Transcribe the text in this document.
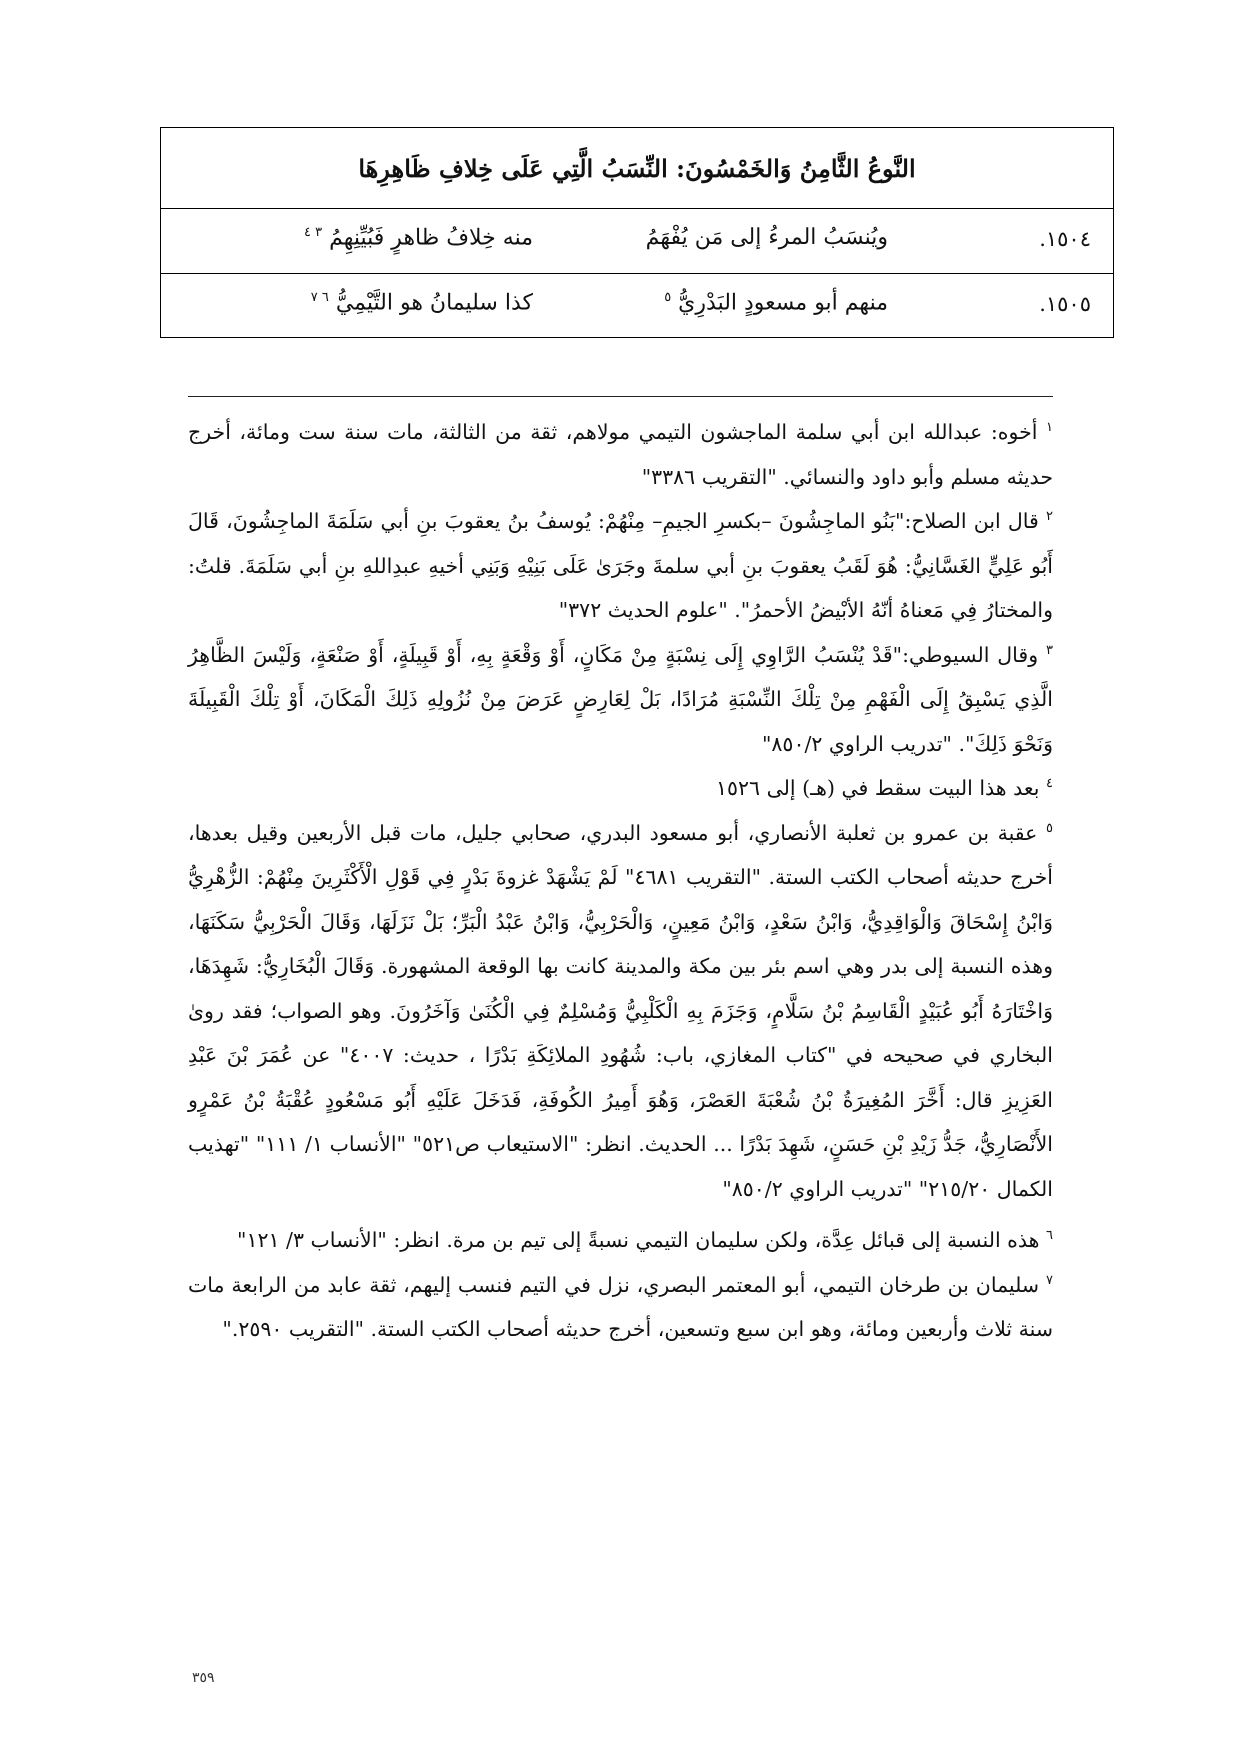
النَّوعُ الثَّامِنُ وَالخَمْسُونَ: النِّسَبُ الَّتِي عَلَى خِلافِ ظَاهِرِهَا
١٥٠٤.
ويُنسَبُ المرءُ إلى مَن يُفْهَمُ
منه خِلافُ ظاهرٍ فَبُيِّنِهِمُ $^{٣ ٤}$
١٥٠٥.
منهم أبو مسعودٍ البَدْرِيُّ $^٥$
كذا سليمانُ هو التَّيْمِيُّ $^{٦ ٧}$

$^١$ أخوه: عبدالله ابن أبي سلمة الماجشون التيمي مولاهم، ثقة من الثالثة، مات سنة ست ومائة، أخرج حديثه مسلم وأبو داود والنسائي. "التقريب ٣٣٨٦"

$^٢$ قال ابن الصلاح:"بَنُو الماجِشُونَ –بكسرِ الجيمِ– مِنْهُمْ: يُوسفُ بنُ يعقوبَ بنِ أبي سَلَمَةَ الماجِشُونَ، قَالَ أَبُو عَلِيٍّ الغَسَّانِيُّ: هُوَ لَقَبُ يعقوبَ بنِ أبي سلمةَ وجَرَىٰ عَلَى بَنِيْهِ وَبَنِي أخيهِ عبدِاللهِ بنِ أبي سَلَمَةَ. قلتُ: والمختارُ فِي مَعناهُ أنّهُ الأبْيضُ الأحمرُ". "علوم الحديث ٣٧٢"

$^٣$ وقال السيوطي:"قَدْ يُنْسَبُ الرَّاوِي إِلَى نِسْبَةٍ مِنْ مَكَانٍ، أَوْ وَقْعَةٍ بِهِ، أَوْ قَبِيلَةٍ، أَوْ صَنْعَةٍ، وَلَيْسَ الظَّاهِرُ الَّذِي يَسْبِقُ إِلَى الْفَهْمِ مِنْ تِلْكَ النِّسْبَةِ مُرَادًا، بَلْ لِعَارِضٍ عَرَضَ مِنْ نُزُولِهِ ذَلِكَ الْمَكَانَ، أَوْ تِلْكَ الْقَبِيلَةَ وَنَحْوَ ذَلِكَ". "تدريب الراوي ٨٥٠/٢"

$^٤$ بعد هذا البيت سقط في (هـ) إلى ١٥٢٦

$^٥$ عقبة بن عمرو بن ثعلبة الأنصاري، أبو مسعود البدري، صحابي جليل، مات قبل الأربعين وقيل بعدها، أخرج حديثه أصحاب الكتب الستة. "التقريب ٤٦٨١" لَمْ يَشْهَدْ غزوةَ بَدْرٍ فِي قَوْلِ الْأَكْثَرِينَ مِنْهُمْ: الزُّهْرِيُّ وَابْنُ إِسْحَاقَ وَالْوَاقِدِيُّ، وَابْنُ سَعْدٍ، وَابْنُ مَعِينٍ، وَالْحَرْبِيُّ، وَابْنُ عَبْدُ الْبَرِّ؛ بَلْ نَزَلَهَا، وَقَالَ الْحَرْبِيُّ سَكَنَهَا، وهذه النسبة إلى بدر وهي اسم بئر بين مكة والمدينة كانت بها الوقعة المشهورة. وَقَالَ الْبُخَارِيُّ: شَهِدَهَا، وَاخْتَارَهُ أَبُو عُبَيْدٍ الْقَاسِمُ بْنُ سَلَّامٍ، وَجَزَمَ بِهِ الْكَلْبِيُّ وَمُسْلِمٌ فِي الْكُنَىٰ وَآخَرُونَ. وهو الصواب؛ فقد روىٰ البخاري في صحيحه في "كتاب المغازي، باب: شُهُودِ الملائِكَةِ بَدْرًا ، حديث: ٤٠٠٧" عن عُمَرَ بْنَ عَبْدِ العَزِيزِ قال: أَخَّرَ المُغِيرَةُ بْنُ شُعْبَةَ العَصْرَ، وَهُوَ أَمِيرُ الكُوفَةِ، فَدَخَلَ عَلَيْهِ أَبُو مَسْعُودٍ عُقْبَةُ بْنُ عَمْرٍو الأَنْصَارِيُّ، جَدُّ زَيْدِ بْنِ حَسَنٍ، شَهِدَ بَدْرًا ... الحديث. انظر: "الاستيعاب ص٥٢١" "الأنساب ١/ ١١١" "تهذيب الكمال ٢١٥/٢٠" "تدريب الراوي ٨٥٠/٢"

$^٦$ هذه النسبة إلى قبائل عِدَّة، ولكن سليمان التيمي نسبةً إلى تيم بن مرة. انظر: "الأنساب ٣/ ١٢١"

$^٧$ سليمان بن طرخان التيمي، أبو المعتمر البصري، نزل في التيم فنسب إليهم، ثقة عابد من الرابعة مات سنة ثلاث وأربعين ومائة، وهو ابن سبع وتسعين، أخرج حديثه أصحاب الكتب الستة. "التقريب ٢٥٩٠."

٣٥٩
